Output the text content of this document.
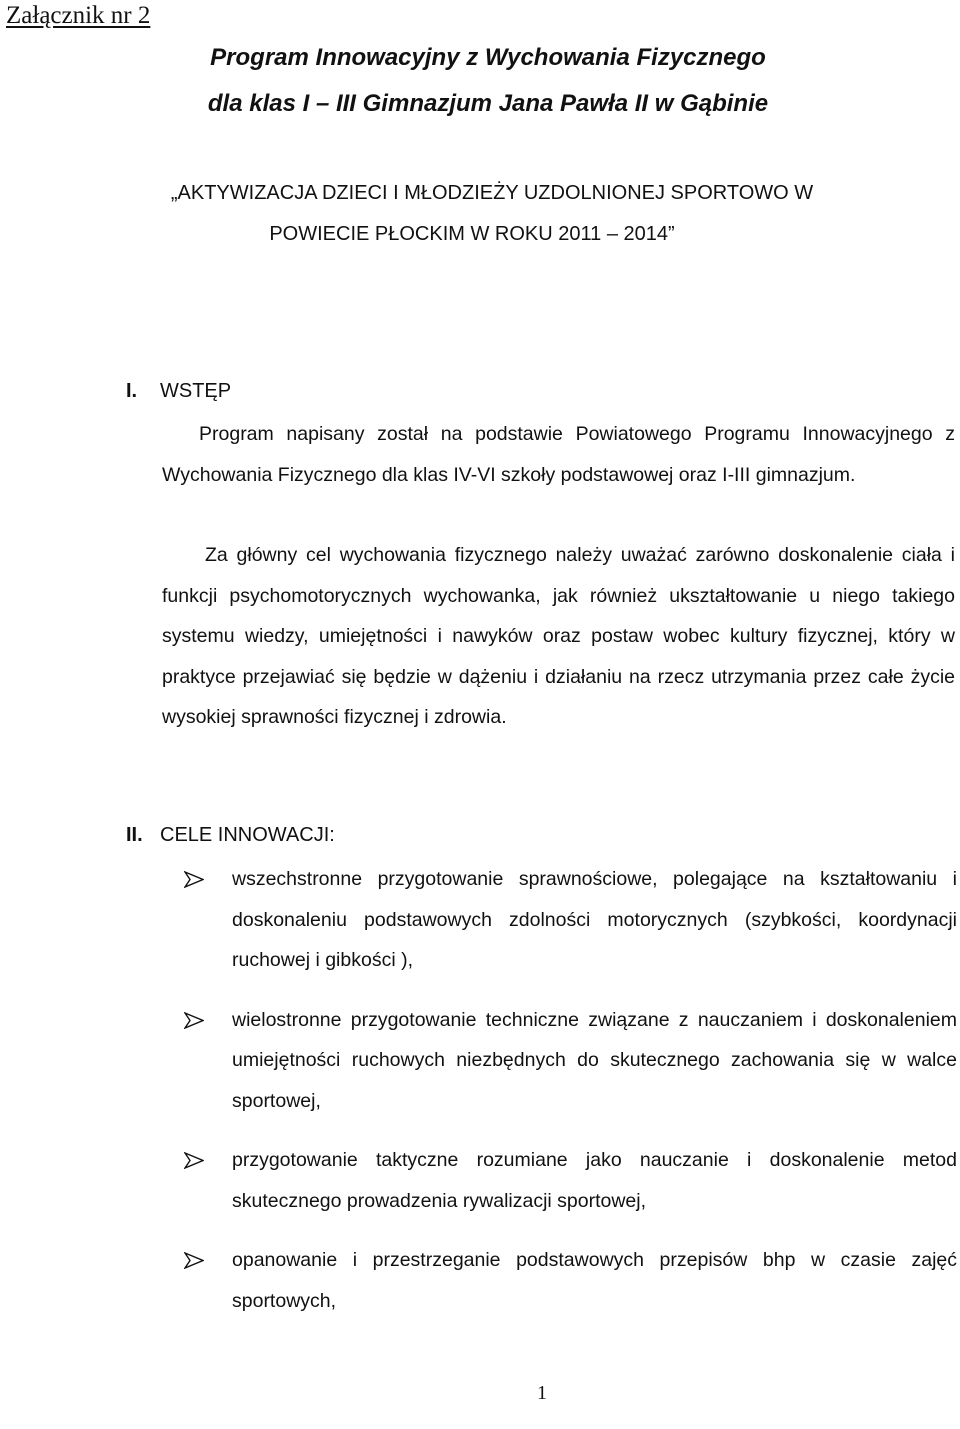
Załącznik nr 2
Program Innowacyjny z Wychowania Fizycznego
dla klas I – III Gimnazjum Jana Pawła II w Gąbinie
„AKTYWIZACJA DZIECI I MŁODZIEŻY UZDOLNIONEJ SPORTOWO W
POWIECIE PŁOCKIM W ROKU 2011 – 2014”
I. WSTĘP

Program napisany został na podstawie Powiatowego Programu Innowacyjnego z Wychowania Fizycznego dla klas IV-VI szkoły podstawowej oraz I-III gimnazjum.

Za główny cel wychowania fizycznego należy uważać zarówno doskonalenie ciała i funkcji psychomotorycznych wychowanka, jak również ukształtowanie u niego takiego systemu wiedzy, umiejętności i nawyków oraz postaw wobec kultury fizycznej, który w praktyce przejawiać się będzie w dążeniu i działaniu na rzecz utrzymania przez całe życie wysokiej sprawności fizycznej i zdrowia.

II. CELE INNOWACJI:
wszechstronne przygotowanie sprawnościowe, polegające na kształtowaniu i doskonaleniu podstawowych zdolności motorycznych (szybkości, koordynacji ruchowej i gibkości ),
wielostronne przygotowanie techniczne związane z nauczaniem i doskonaleniem umiejętności ruchowych niezbędnych do skutecznego zachowania się w walce sportowej,
przygotowanie taktyczne rozumiane jako nauczanie i doskonalenie metod skutecznego prowadzenia rywalizacji sportowej,
opanowanie i przestrzeganie podstawowych przepisów bhp w czasie zajęć sportowych,
1
